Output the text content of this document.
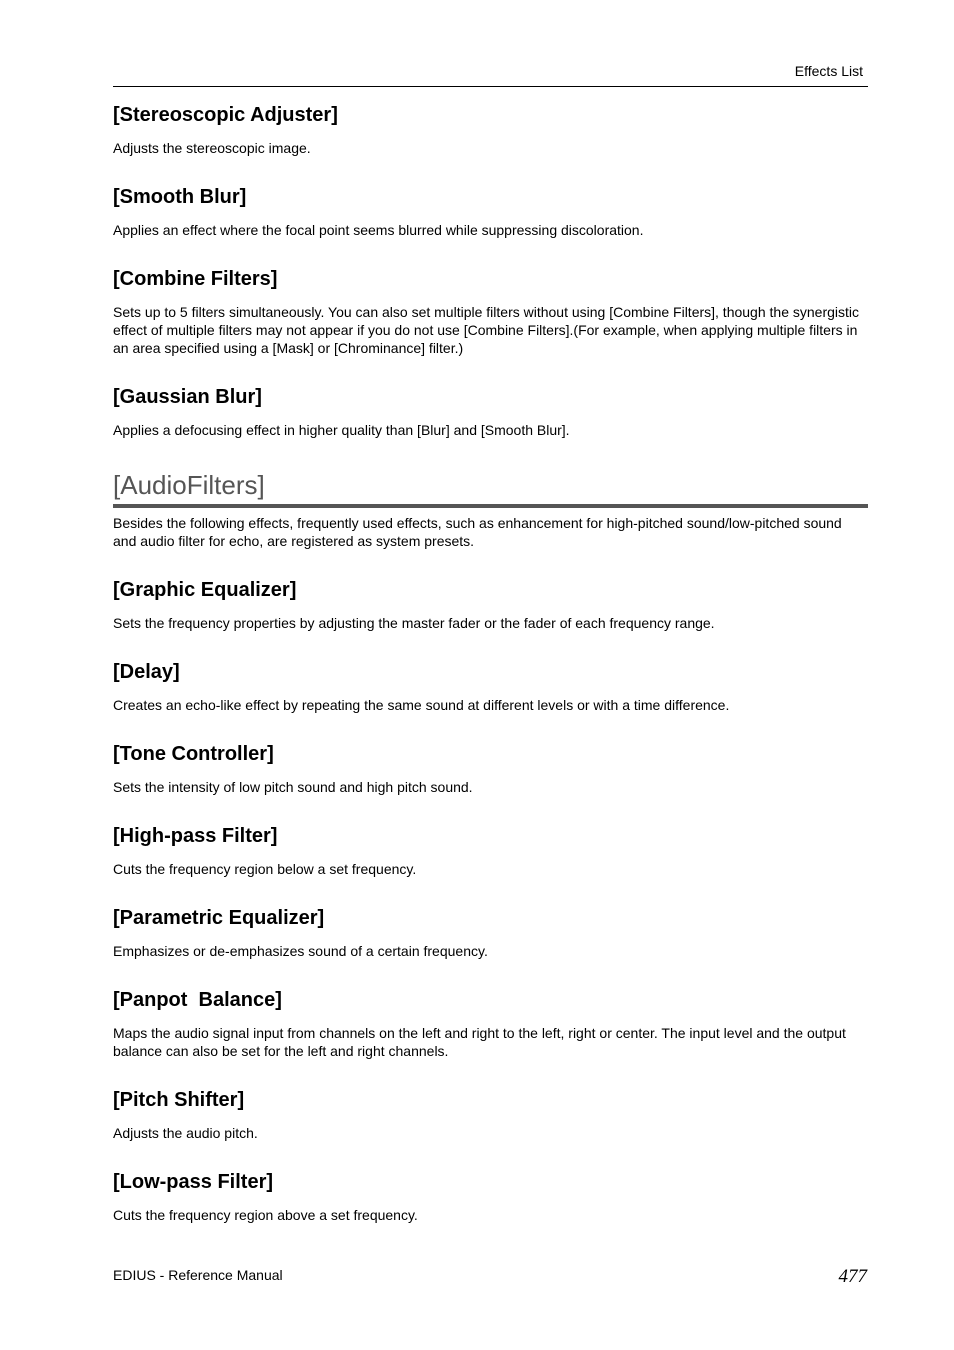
Effects List
[Stereoscopic Adjuster]
Adjusts the stereoscopic image.
[Smooth Blur]
Applies an effect where the focal point seems blurred while suppressing discoloration.
[Combine Filters]
Sets up to 5 filters simultaneously. You can also set multiple filters without using [Combine Filters], though the synergistic effect of multiple filters may not appear if you do not use [Combine Filters].(For example, when applying multiple filters in an area specified using a [Mask] or [Chrominance] filter.)
[Gaussian Blur]
Applies a defocusing effect in higher quality than [Blur] and [Smooth Blur].
[AudioFilters]
Besides the following effects, frequently used effects, such as enhancement for high-pitched sound/low-pitched sound and audio filter for echo, are registered as system presets.
[Graphic Equalizer]
Sets the frequency properties by adjusting the master fader or the fader of each frequency range.
[Delay]
Creates an echo-like effect by repeating the same sound at different levels or with a time difference.
[Tone Controller]
Sets the intensity of low pitch sound and high pitch sound.
[High-pass Filter]
Cuts the frequency region below a set frequency.
[Parametric Equalizer]
Emphasizes or de-emphasizes sound of a certain frequency.
[Panpot  Balance]
Maps the audio signal input from channels on the left and right to the left, right or center. The input level and the output balance can also be set for the left and right channels.
[Pitch Shifter]
Adjusts the audio pitch.
[Low-pass Filter]
Cuts the frequency region above a set frequency.
EDIUS - Reference Manual	477
